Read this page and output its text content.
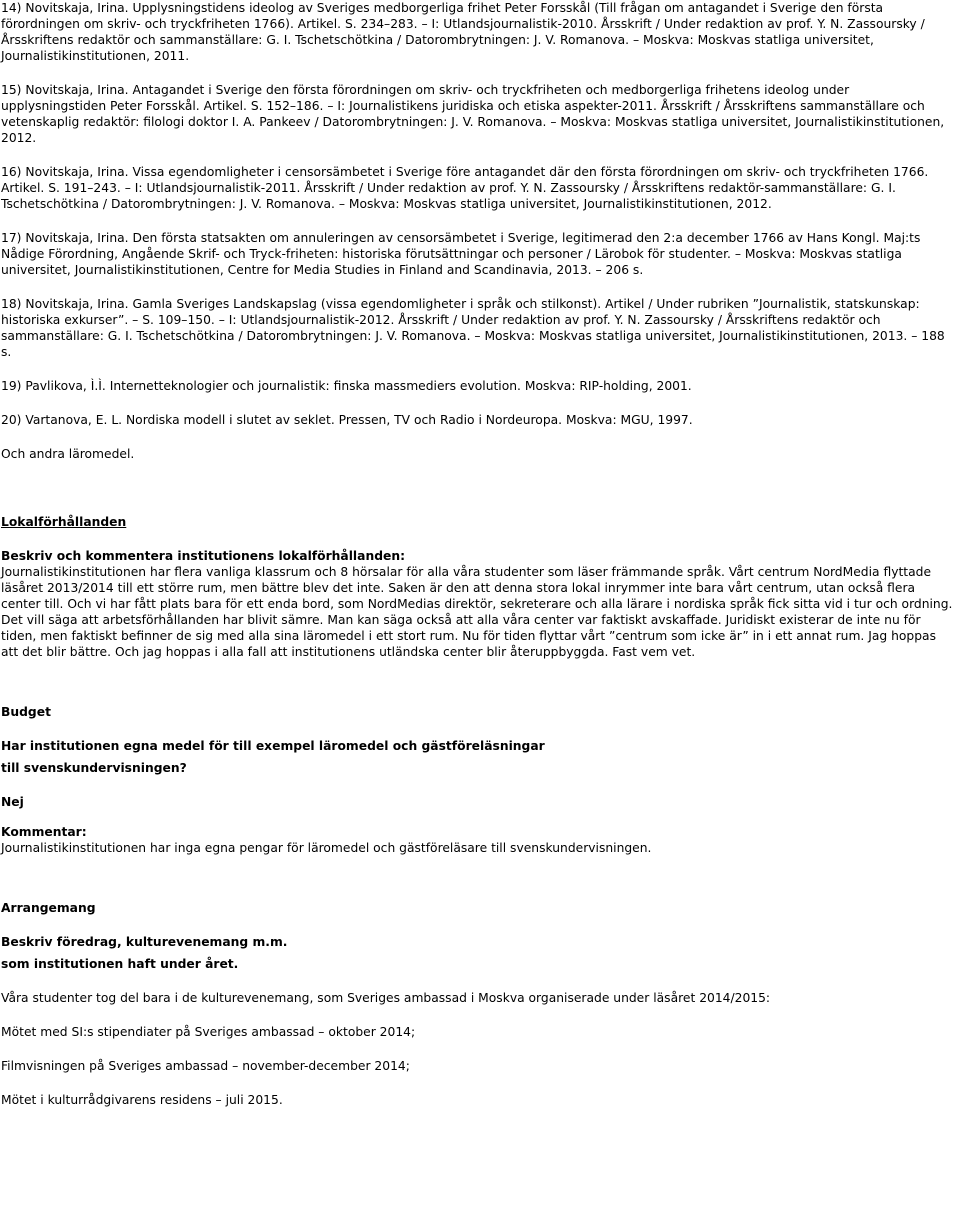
14) Novitskaja, Irina. Upplysningstidens ideolog av Sveriges medborgerliga frihet Peter Forsskål (Till frågan om antagandet i Sverige den första förordningen om skriv- och tryckfriheten 1766). Artikel. S. 234–283. – I: Utlandsjournalistik-2010. Årsskrift / Under redaktion av prof. Y. N. Zassoursky / Årsskriftens redaktör och sammanställare: G. I. Tschetschötkina / Datorombrytningen: J. V. Romanova. – Moskva: Moskvas statliga universitet, Journalistikinstitutionen, 2011.

15) Novitskaja, Irina. Antagandet i Sverige den första förordningen om skriv- och tryckfriheten och medborgerliga frihetens ideolog under upplysningstiden Peter Forsskål. Artikel. S. 152–186. – I: Journalistikens juridiska och etiska aspekter-2011. Årsskrift / Årsskriftens sammanställare och vetenskaplig redaktör: filologi doktor I. A. Pankeev / Datorombrytningen: J. V. Romanova. – Moskva: Moskvas statliga universitet, Journalistikinstitutionen, 2012.

16) Novitskaja, Irina. Vissa egendomligheter i censorsämbetet i Sverige före antagandet där den första förordningen om skriv- och tryckfriheten 1766. Artikel. S. 191–243. – I: Utlandsjournalistik-2011. Årsskrift / Under redaktion av prof. Y. N. Zassoursky / Årsskriftens redaktör-sammanställare: G. I. Tschetschötkina / Datorombrytningen: J. V. Romanova. – Moskva: Moskvas statliga universitet, Journalistikinstitutionen, 2012.

17) Novitskaja, Irina. Den första statsakten om annuleringen av censorsämbetet i Sverige, legitimerad den 2:a december 1766 av Hans Kongl. Maj:ts Nådige Förordning, Angående Skrif- och Tryck-friheten: historiska förutsättningar och personer / Lärobok för studenter. – Moskva: Moskvas statliga universitet, Journalistikinstitutionen, Centre for Media Studies in Finland and Scandinavia, 2013. – 206 s.

18) Novitskaja, Irina. Gamla Sveriges Landskapslag (vissa egendomligheter i språk och stilkonst). Artikel / Under rubriken ”Journalistik, statskunskap: historiska exkurser”. – S. 109–150. – I: Utlandsjournalistik-2012. Årsskrift / Under redaktion av prof. Y. N. Zassoursky / Årsskriftens redaktör och sammanställare: G. I. Tschetschötkina / Datorombrytningen: J. V. Romanova. – Moskva: Moskvas statliga universitet, Journalistikinstitutionen, 2013. – 188 s.

19) Pavlikova, Ì.Ì. Internetteknologier och journalistik: finska massmediers evolution. Moskva: RIP-holding, 2001.

20) Vartanova, E. L. Nordiska modell i slutet av seklet. Pressen, TV och Radio i Nordeuropa. Moskva: MGU, 1997.

Och andra läromedel.

Lokalförhållanden

Beskriv och kommentera institutionens lokalförhållanden:

Journalistikinstitutionen har flera vanliga klassrum och 8 hörsalar för alla våra studenter som läser främmande språk. Vårt centrum NordMedia flyttade läsåret 2013/2014 till ett större rum, men bättre blev det inte. Saken är den att denna stora lokal inrymmer inte bara vårt centrum, utan också flera center till. Och vi har fått plats bara för ett enda bord, som NordMedias direktör, sekreterare och alla lärare i nordiska språk fick sitta vid i tur och ordning. Det vill säga att arbetsförhållanden har blivit sämre. Man kan säga också att alla våra center var faktiskt avskaffade. Juridiskt existerar de inte nu för tiden, men faktiskt befinner de sig med alla sina läromedel i ett stort rum. Nu för tiden flyttar vårt ”centrum som icke är” in i ett annat rum. Jag hoppas att det blir bättre. Och jag hoppas i alla fall att institutionens utländska center blir återuppbyggda. Fast vem vet.

Budget

Har institutionen egna medel för till exempel läromedel och gästföreläsningar

till svenskundervisningen?

Nej

Kommentar:

Journalistikinstitutionen har inga egna pengar för läromedel och gästföreläsare till svenskundervisningen.

Arrangemang

Beskriv föredrag, kulturevenemang m.m.

som institutionen haft under året.

Våra studenter tog del bara i de kulturevenemang, som Sveriges ambassad i Moskva organiserade under läsåret 2014/2015:

Mötet med SI:s stipendiater på Sveriges ambassad – oktober 2014;

Filmvisningen på Sveriges ambassad – november-december 2014;

Mötet i kulturrådgivarens residens – juli 2015.
